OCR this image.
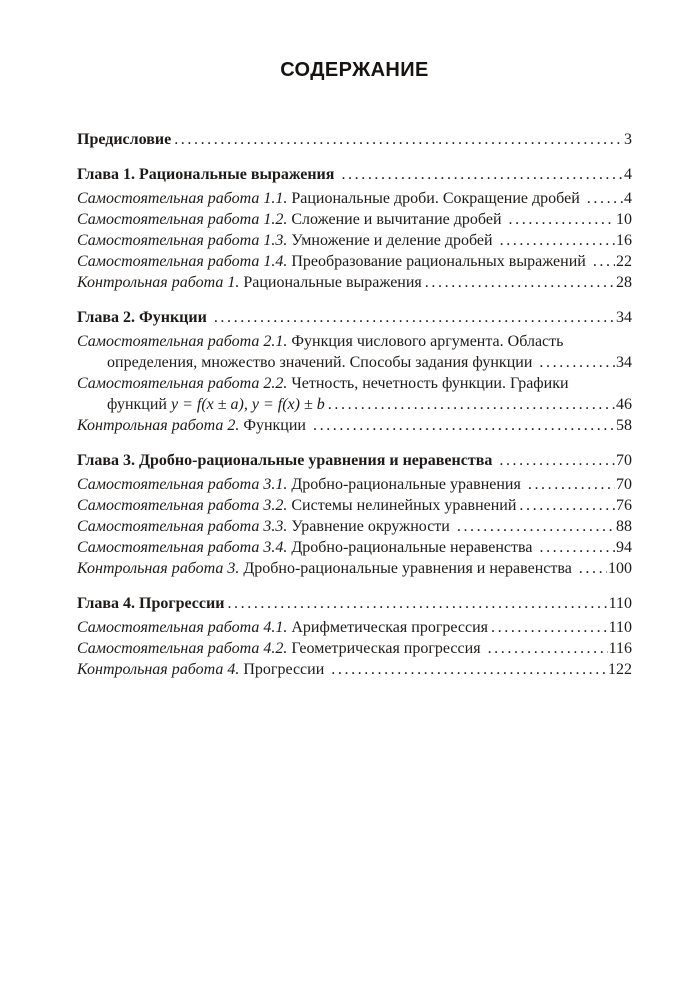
СОДЕРЖАНИЕ
Предисловие .....	3
Глава 1. Рациональные выражения .....	4
Самостоятельная работа 1.1. Рациональные дроби. Сокращение дробей .....	4
Самостоятельная работа 1.2. Сложение и вычитание дробей .....	10
Самостоятельная работа 1.3. Умножение и деление дробей .....	16
Самостоятельная работа 1.4. Преобразование рациональных выражений ..... 22
Контрольная работа 1. Рациональные выражения .....	28
Глава 2. Функции .....	34
Самостоятельная работа 2.1. Функция числового аргумента. Область
определения, множество значений. Способы задания функции .....	34
Самостоятельная работа 2.2. Четность, нечетность функции. Графики
функций y = f(x ± a), y = f(x) ± b .....	46
Контрольная работа 2. Функции .....	58
Глава 3. Дробно-рациональные уравнения и неравенства .....	70
Самостоятельная работа 3.1. Дробно-рациональные уравнения .....	70
Самостоятельная работа 3.2. Системы нелинейных уравнений .....	76
Самостоятельная работа 3.3. Уравнение окружности .....	88
Самостоятельная работа 3.4. Дробно-рациональные неравенства .....	94
Контрольная работа 3. Дробно-рациональные уравнения и неравенства ..... 100
Глава 4. Прогрессии .....	110
Самостоятельная работа 4.1. Арифметическая прогрессия .....	110
Самостоятельная работа 4.2. Геометрическая прогрессия .....	116
Контрольная работа 4. Прогрессии .....	122
